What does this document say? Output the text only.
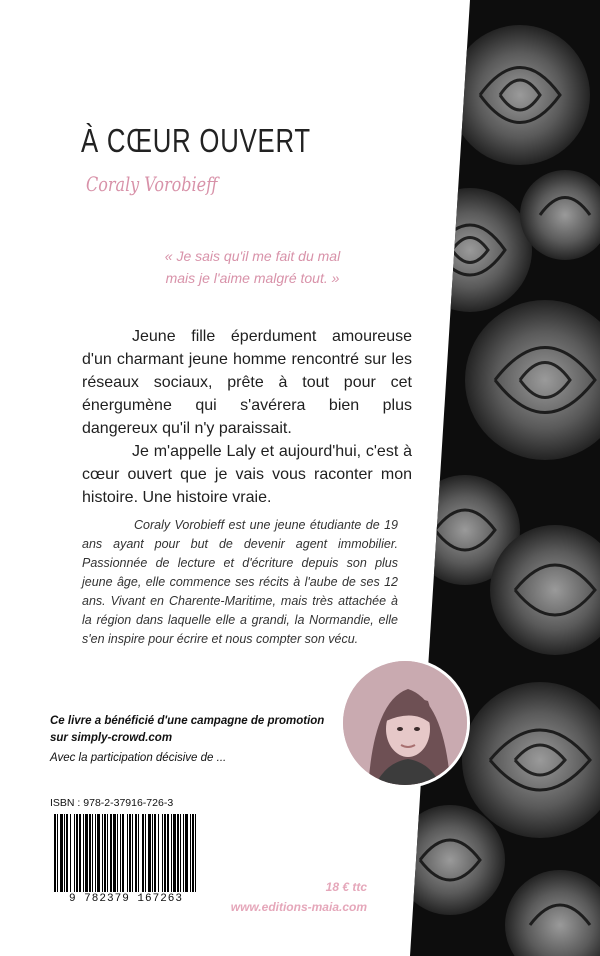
À CŒUR OUVERT
Coraly Vorobieff
« Je sais qu'il me fait du mal
mais je l'aime malgré tout. »

Jeune fille éperdument amoureuse d'un charmant jeune homme rencontré sur les réseaux sociaux, prête à tout pour cet énergumène qui s'avérera bien plus dangereux qu'il n'y paraissait.

Je m'appelle Laly et aujourd'hui, c'est à cœur ouvert que je vais vous raconter mon histoire. Une histoire vraie.

Coraly Vorobieff est une jeune étudiante de 19 ans ayant pour but de devenir agent immobilier. Passionnée de lecture et d'écriture depuis son plus jeune âge, elle commence ses récits à l'aube de ses 12 ans. Vivant en Charente-Maritime, mais très attachée à la région dans laquelle elle a grandi, la Normandie, elle s'en inspire pour écrire et nous compter son vécu.

Ce livre a bénéficié d'une campagne de promotion
sur simply-crowd.com
Avec la participation décisive de ...
ISBN : 978-2-37916-726-3
9 782379 167263
18 € ttc
www.editions-maia.com
